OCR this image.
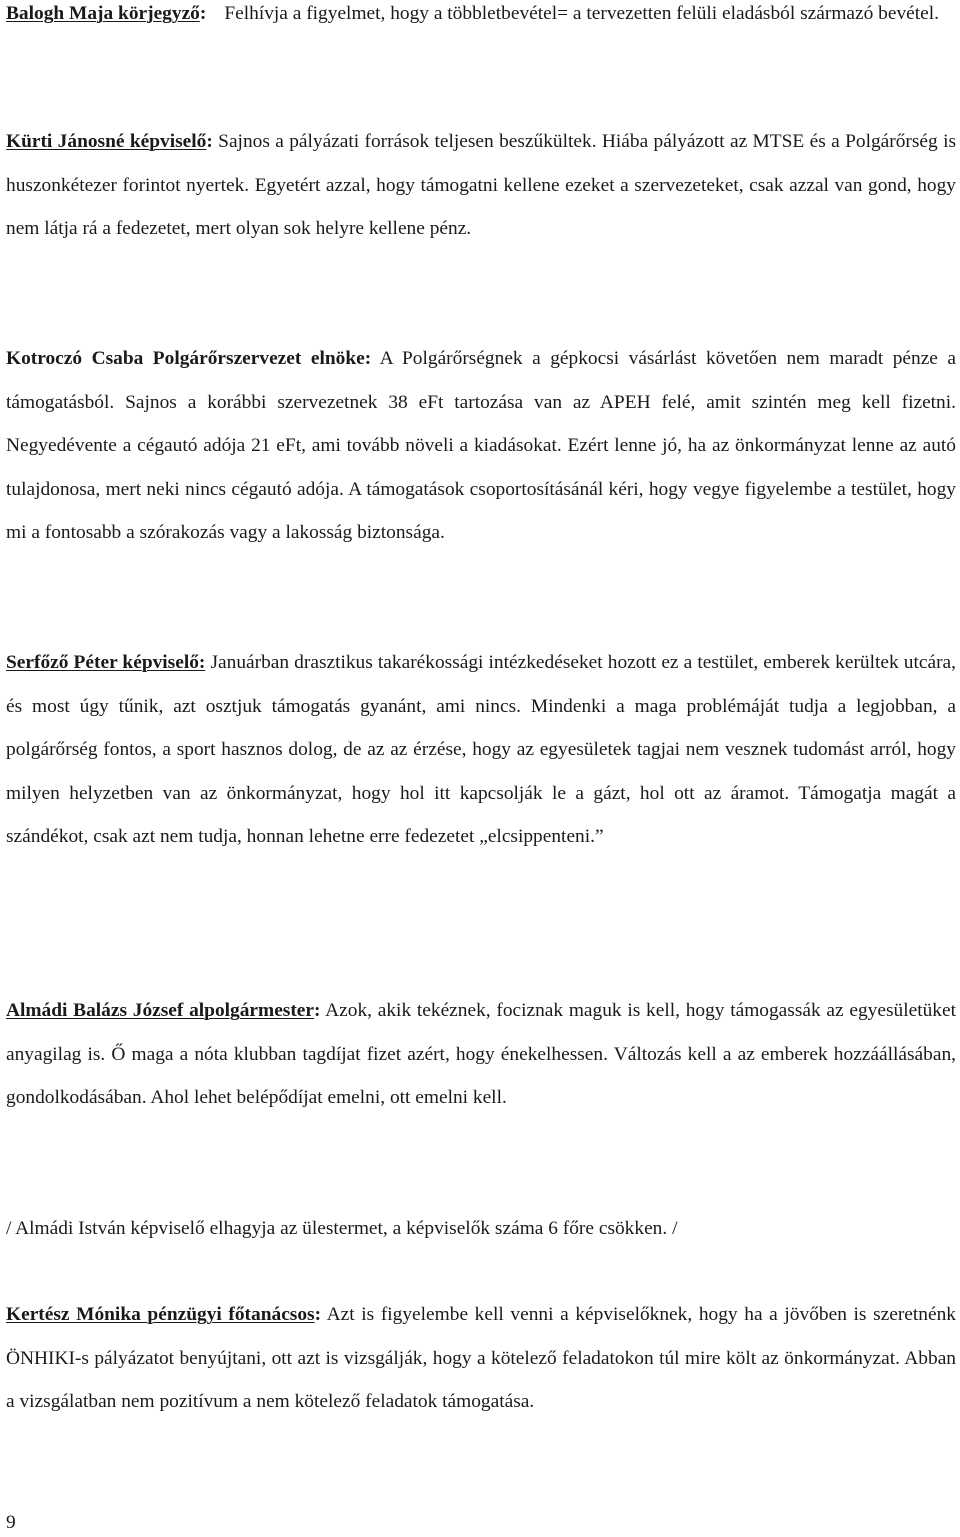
Balogh Maja körjegyző: Felhívja a figyelmet, hogy a többletbevétel= a tervezetten felüli eladásból származó bevétel.

Kürti Jánosné képviselő: Sajnos a pályázati források teljesen beszűkültek. Hiába pályázott az MTSE és a Polgárőrség is huszonkétezer forintot nyertek. Egyetért azzal, hogy támogatni kellene ezeket a szervezeteket, csak azzal van gond, hogy nem látja rá a fedezetet, mert olyan sok helyre kellene pénz.

Kotroczó Csaba Polgárőrszervezet elnöke: A Polgárőrségnek a gépkocsi vásárlást követően nem maradt pénze a támogatásból. Sajnos a korábbi szervezetnek 38 eFt tartozása van az APEH felé, amit szintén meg kell fizetni. Negyedévente a cégautó adója 21 eFt, ami tovább növeli a kiadásokat. Ezért lenne jó, ha az önkormányzat lenne az autó tulajdonosa, mert neki nincs cégautó adója. A támogatások csoportosításánál kéri, hogy vegye figyelembe a testület, hogy mi a fontosabb a szórakozás vagy a lakosság biztonsága.

Serfőző Péter képviselő: Januárban drasztikus takarékossági intézkedéseket hozott ez a testület, emberek kerültek utcára, és most úgy tűnik, azt osztjuk támogatás gyanánt, ami nincs. Mindenki a maga problémáját tudja a legjobban, a polgárőrség fontos, a sport hasznos dolog, de az az érzése, hogy az egyesületek tagjai nem vesznek tudomást arról, hogy milyen helyzetben van az önkormányzat, hogy hol itt kapcsolják le a gázt, hol ott az áramot. Támogatja magát a szándékot, csak azt nem tudja, honnan lehetne erre fedezetet „elcsippenteni.”

Almádi Balázs József alpolgármester: Azok, akik tekéznek, fociznak maguk is kell, hogy támogassák az egyesületüket anyagilag is. Ő maga a nóta klubban tagdíjat fizet azért, hogy énekelhessen. Változás kell a az emberek hozzáállásában, gondolkodásában. Ahol lehet belépődíjat emelni, ott emelni kell.

/ Almádi István képviselő elhagyja az ülestermet, a képviselők száma 6 főre csökken. /

Kertész Mónika pénzügyi főtanácsos: Azt is figyelembe kell venni a képviselőknek, hogy ha a jövőben is szeretnénk ÖNHIKI-s pályázatot benyújtani, ott azt is vizsgálják, hogy a kötelező feladatokon túl mire költ az önkormányzat. Abban a vizsgálatban nem pozitívum a nem kötelező feladatok támogatása.

9
